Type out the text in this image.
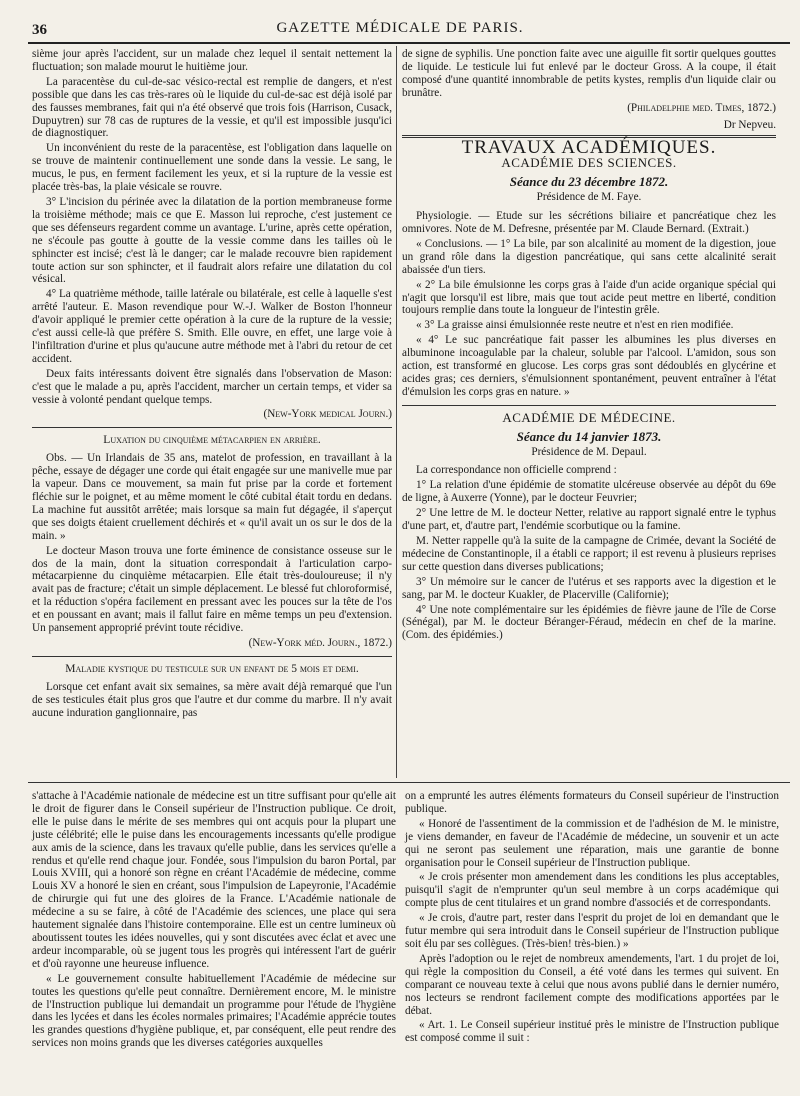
36	GAZETTE MÉDICALE DE PARIS.

sième jour après l'accident, sur un malade chez lequel il sentait nettement la fluctuation; son malade mourut le huitième jour.

La paracentèse du cul-de-sac vésico-rectal est remplie de dangers, et n'est possible que dans les cas très-rares où le liquide du cul-de-sac est déjà isolé par des fausses membranes, fait qui n'a été observé que trois fois (Harrison, Cusack, Dupuytren) sur 78 cas de ruptures de la vessie, et qu'il est impossible jusqu'ici de diagnostiquer.

Un inconvénient du reste de la paracentèse, est l'obligation dans laquelle on se trouve de maintenir continuellement une sonde dans la vessie. Le sang, le mucus, le pus, en ferment facilement les yeux, et si la rupture de la vessie est placée très-bas, la plaie vésicale se rouvre.

3° L'incision du périnée avec la dilatation de la portion membraneuse forme la troisième méthode; mais ce que E. Masson lui reproche, c'est justement ce que ses défenseurs regardent comme un avantage. L'urine, après cette opération, ne s'écoule pas goutte à goutte de la vessie comme dans les tailles où le sphincter est incisé; c'est là le danger; car le malade recouvre bien rapidement toute action sur son sphincter, et il faudrait alors refaire une dilatation du col vésical.

4° La quatrième méthode, taille latérale ou bilatérale, est celle à laquelle s'est arrêté l'auteur. E. Mason revendique pour W.-J. Walker de Boston l'honneur d'avoir appliqué le premier cette opération à la cure de la rupture de la vessie; c'est aussi celle-là que préfère S. Smith. Elle ouvre, en effet, une large voie à l'infiltration d'urine et plus qu'aucune autre méthode met à l'abri du retour de cet accident.

Deux faits intéressants doivent être signalés dans l'observation de Mason: c'est que le malade a pu, après l'accident, marcher un certain temps, et vider sa vessie à volonté pendant quelque temps.

(New-York medical Journ.)

Luxation du cinquième métacarpien en arrière.

Obs. — Un Irlandais de 35 ans, matelot de profession, en travaillant à la pêche, essaye de dégager une corde qui était engagée sur une manivelle mue par la vapeur. Dans ce mouvement, sa main fut prise par la corde et fortement fléchie sur le poignet, et au même moment le côté cubital était tordu en dedans. La machine fut aussitôt arrêtée; mais lorsque sa main fut dégagée, il s'aperçut que ses doigts étaient cruellement déchirés et « qu'il avait un os sur le dos de la main. »

Le docteur Mason trouva une forte éminence de consistance osseuse sur le dos de la main, dont la situation correspondait à l'articulation carpo-métacarpienne du cinquième métacarpien. Elle était très-douloureuse; il n'y avait pas de fracture; c'était un simple déplacement. Le blessé fut chloroformisé, et la réduction s'opéra facilement en pressant avec les pouces sur la tête de l'os et en poussant en avant; mais il fallut faire en même temps un peu d'extension. Un pansement approprié prévint toute récidive.

(New-York méd. Journ., 1872.)

Maladie kystique du testicule sur un enfant de 5 mois et demi.

Lorsque cet enfant avait six semaines, sa mère avait déjà remarqué que l'un de ses testicules était plus gros que l'autre et dur comme du marbre. Il n'y avait aucune induration ganglionnaire, pas

de signe de syphilis. Une ponction faite avec une aiguille fit sortir quelques gouttes de liquide. Le testicule lui fut enlevé par le docteur Gross. A la coupe, il était composé d'une quantité innombrable de petits kystes, remplis d'un liquide clair ou brunâtre.

(Philadelphie med. Times, 1872.)

Dr Nepveu.

TRAVAUX ACADÉMIQUES.
ACADÉMIE DES SCIENCES.
Séance du 23 décembre 1872.
Présidence de M. Faye.

Physiologie. — Etude sur les sécrétions biliaire et pancréatique chez les omnivores. Note de M. Defresne, présentée par M. Claude Bernard. (Extrait.)

« Conclusions. — 1° La bile, par son alcalinité au moment de la digestion, joue un grand rôle dans la digestion pancréatique, qui sans cette alcalinité serait abaissée d'un tiers.

« 2° La bile émulsionne les corps gras à l'aide d'un acide organique spécial qui n'agit que lorsqu'il est libre, mais que tout acide peut mettre en liberté, condition toujours remplie dans toute la longueur de l'intestin grêle.

« 3° La graisse ainsi émulsionnée reste neutre et n'est en rien modifiée.

« 4° Le suc pancréatique fait passer les albumines les plus diverses en albuminone incoagulable par la chaleur, soluble par l'alcool. L'amidon, sous son action, est transformé en glucose. Les corps gras sont dédoublés en glycérine et acides gras; ces derniers, s'émulsionnent spontanément, peuvent entraîner à l'état d'émulsion les corps gras en nature. »

ACADÉMIE DE MÉDECINE.
Séance du 14 janvier 1873.
Présidence de M. Depaul.

La correspondance non officielle comprend :

1° La relation d'une épidémie de stomatite ulcéreuse observée au dépôt du 69e de ligne, à Auxerre (Yonne), par le docteur Feuvrier;

2° Une lettre de M. le docteur Netter, relative au rapport signalé entre le typhus d'une part, et, d'autre part, l'endémie scorbutique ou la famine.

M. Netter rappelle qu'à la suite de la campagne de Crimée, devant la Société de médecine de Constantinople, il a établi ce rapport; il est revenu à plusieurs reprises sur cette question dans diverses publications;

3° Un mémoire sur le cancer de l'utérus et ses rapports avec la digestion et le sang, par M. le docteur Kuakler, de Placerville (Californie);

4° Une note complémentaire sur les épidémies de fièvre jaune de l'île de Corse (Sénégal), par M. le docteur Béranger-Féraud, médecin en chef de la marine. (Com. des épidémies.)

s'attache à l'Académie nationale de médecine est un titre suffisant pour qu'elle ait le droit de figurer dans le Conseil supérieur de l'Instruction publique. Ce droit, elle le puise dans le mérite de ses membres qui ont acquis pour la plupart une juste célébrité; elle le puise dans les encouragements incessants qu'elle prodigue aux amis de la science, dans les travaux qu'elle publie, dans les services qu'elle a rendus et qu'elle rend chaque jour. Fondée, sous l'impulsion du baron Portal, par Louis XVIII, qui a honoré son règne en créant l'Académie de médecine, comme Louis XV a honoré le sien en créant, sous l'impulsion de Lapeyronie, l'Académie de chirurgie qui fut une des gloires de la France. L'Académie nationale de médecine a su se faire, à côté de l'Académie des sciences, une place qui sera hautement signalée dans l'histoire contemporaine. Elle est un centre lumineux où aboutissent toutes les idées nouvelles, qui y sont discutées avec éclat et avec une ardeur incomparable, où se jugent tous les progrès qui intéressent l'art de guérir et d'où rayonne une heureuse influence.

« Le gouvernement consulte habituellement l'Académie de médecine sur toutes les questions qu'elle peut connaître. Dernièrement encore, M. le ministre de l'Instruction publique lui demandait un programme pour l'étude de l'hygiène dans les lycées et dans les écoles normales primaires; l'Académie apprécie toutes les grandes questions d'hygiène publique, et, par conséquent, elle peut rendre des services non moins grands que les diverses catégories auxquelles

on a emprunté les autres éléments formateurs du Conseil supérieur de l'instruction publique.

« Honoré de l'assentiment de la commission et de l'adhésion de M. le ministre, je viens demander, en faveur de l'Académie de médecine, un souvenir et un acte qui ne seront pas seulement une réparation, mais une garantie de bonne organisation pour le Conseil supérieur de l'Instruction publique.

« Je crois présenter mon amendement dans les conditions les plus acceptables, puisqu'il s'agit de n'emprunter qu'un seul membre à un corps académique qui compte plus de cent titulaires et un grand nombre d'associés et de correspondants.

« Je crois, d'autre part, rester dans l'esprit du projet de loi en demandant que le futur membre qui sera introduit dans le Conseil supérieur de l'Instruction publique soit élu par ses collègues. (Très-bien! très-bien.) »

Après l'adoption ou le rejet de nombreux amendements, l'art. 1 du projet de loi, qui règle la composition du Conseil, a été voté dans les termes qui suivent. En comparant ce nouveau texte à celui que nous avons publié dans le dernier numéro, nos lecteurs se rendront facilement compte des modifications apportées par le débat.

« Art. 1. Le Conseil supérieur institué près le ministre de l'Instruction publique est composé comme il suit :
